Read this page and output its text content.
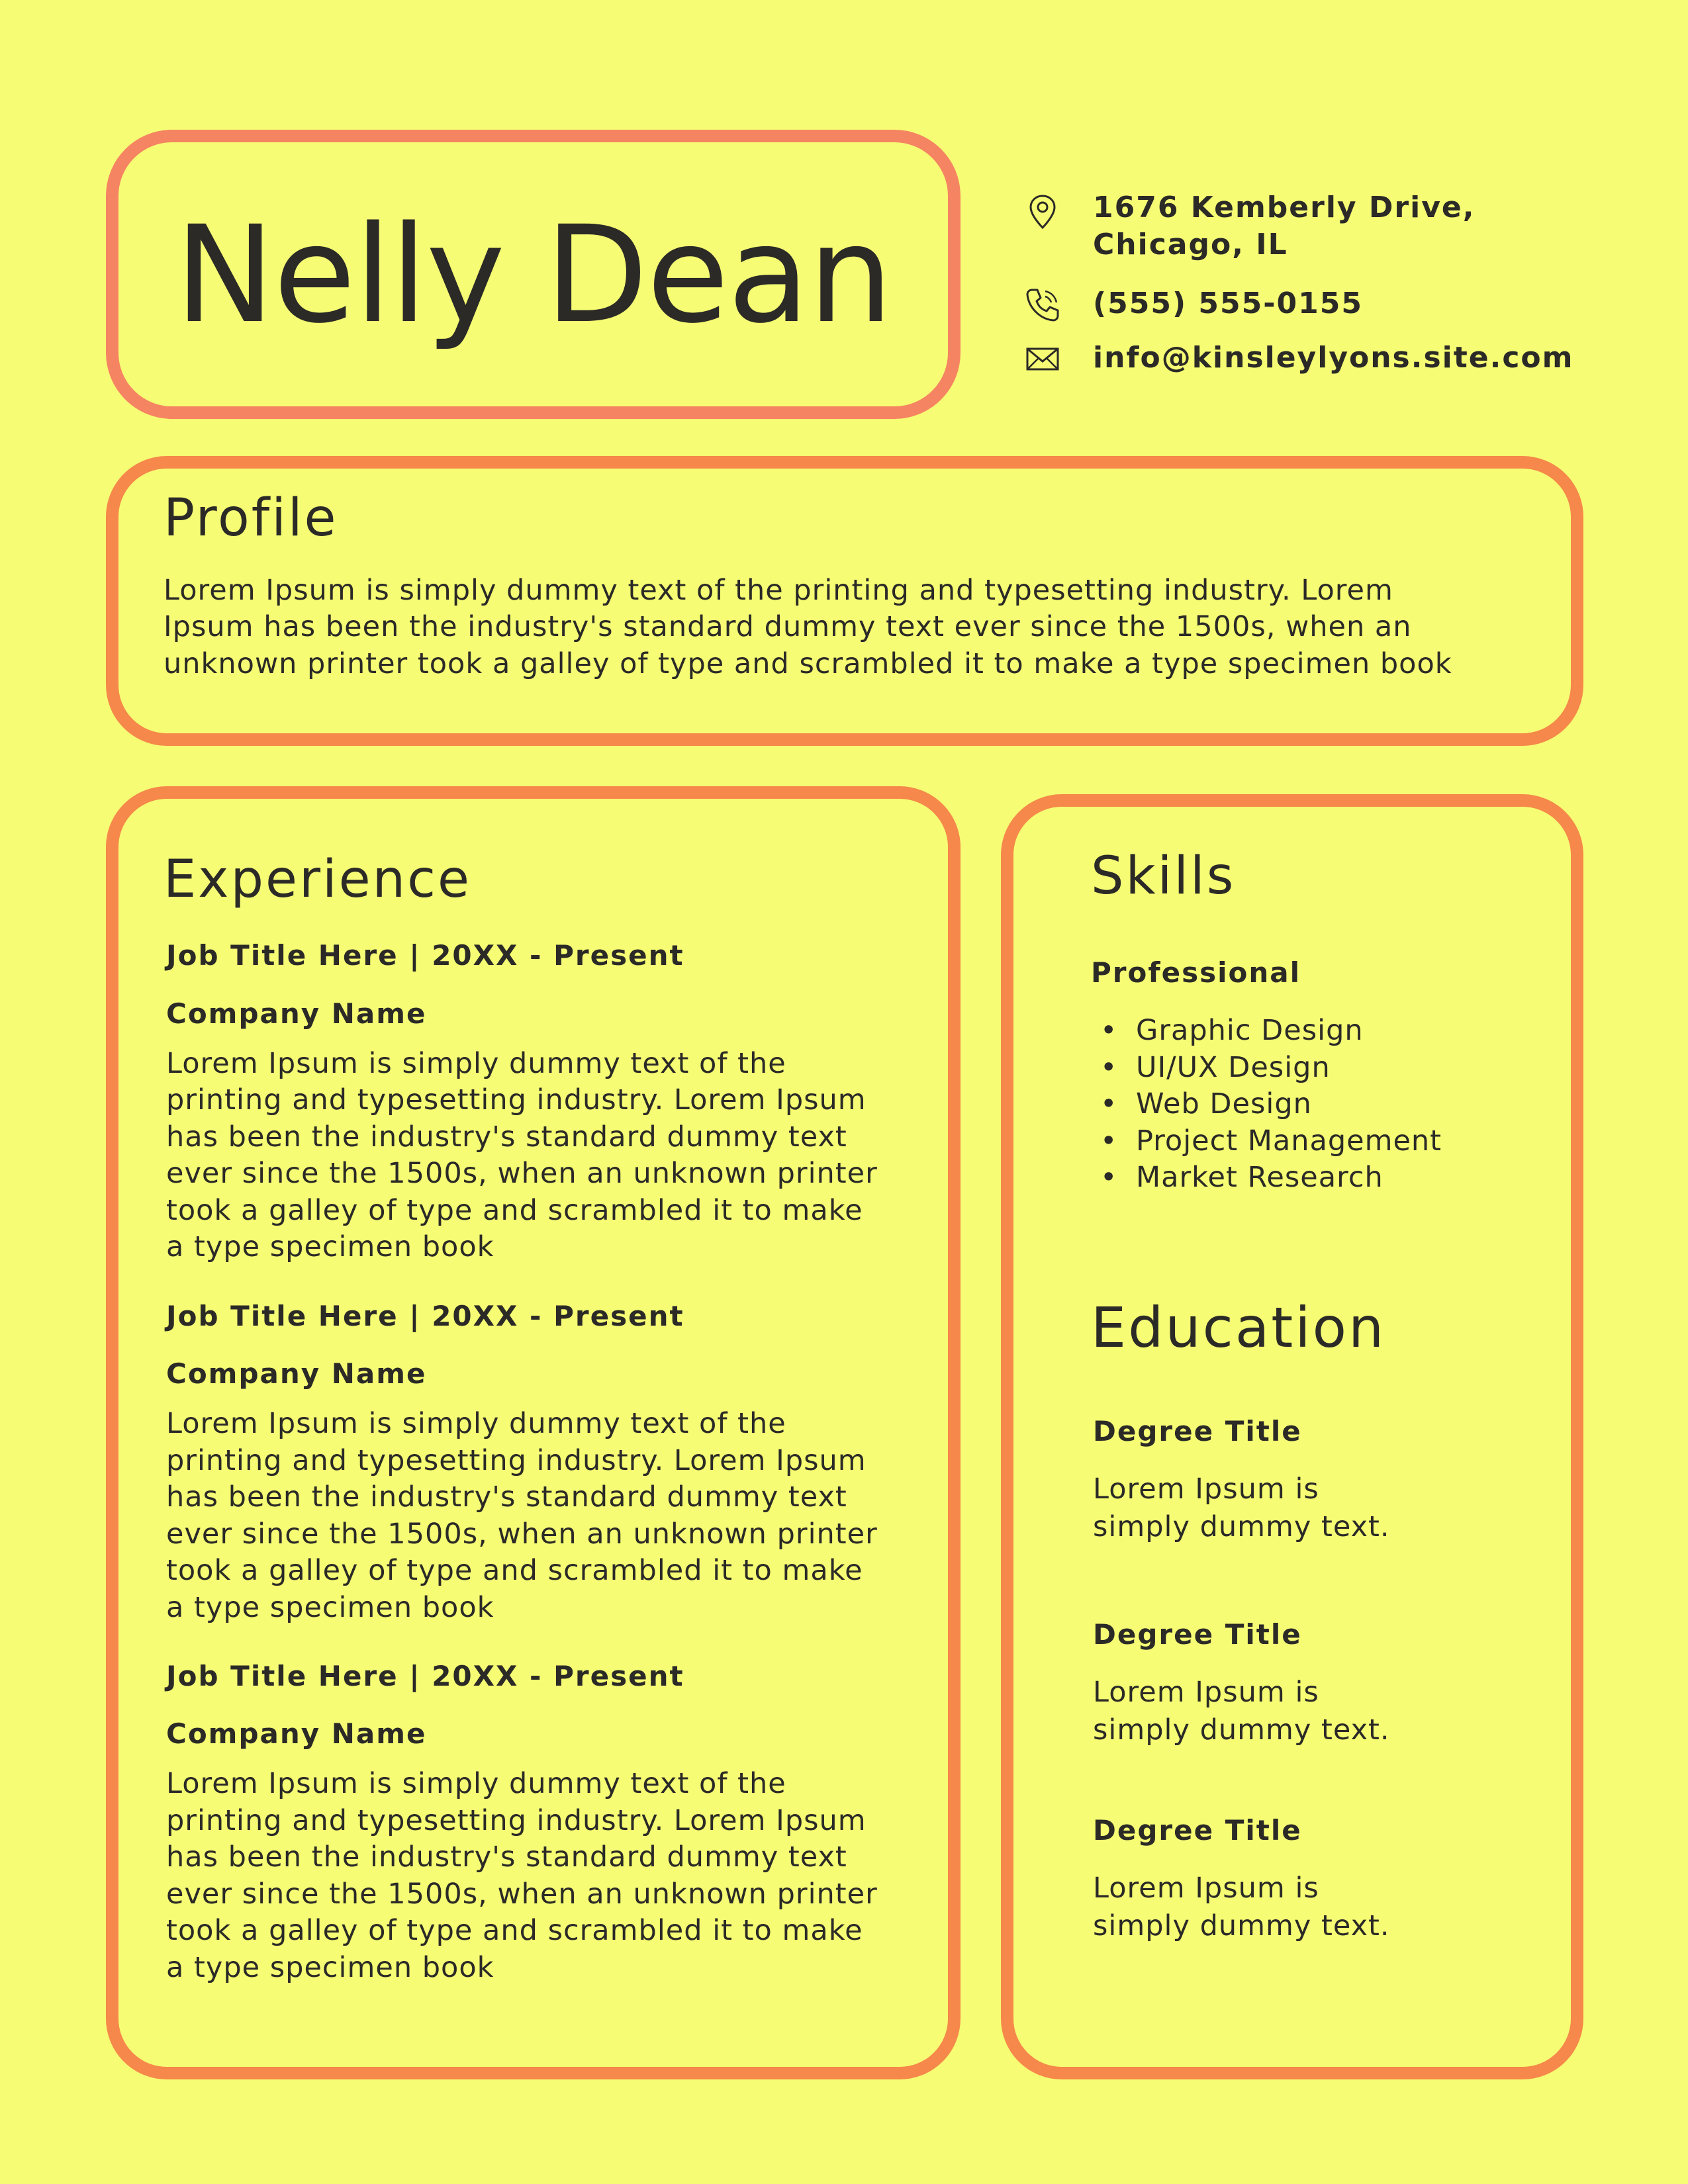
Nelly Dean	1676 Kemberly Drive,
Chicago, IL
(555) 555-0155
info@kinsleylyons.site.com
Profile
Lorem Ipsum is simply dummy text of the printing and typesetting industry. Lorem
Ipsum has been the industry's standard dummy text ever since the 1500s, when an
unknown printer took a galley of type and scrambled it to make a type specimen book
Experience
Job Title Here | 20XX - Present
Company Name
Lorem Ipsum is simply dummy text of the
printing and typesetting industry. Lorem Ipsum
has been the industry's standard dummy text
ever since the 1500s, when an unknown printer
took a galley of type and scrambled it to make
a type specimen book
Job Title Here | 20XX - Present
Company Name
Lorem Ipsum is simply dummy text of the
printing and typesetting industry. Lorem Ipsum
has been the industry's standard dummy text
ever since the 1500s, when an unknown printer
took a galley of type and scrambled it to make
a type specimen book
Job Title Here | 20XX - Present
Company Name
Lorem Ipsum is simply dummy text of the
printing and typesetting industry. Lorem Ipsum
has been the industry's standard dummy text
ever since the 1500s, when an unknown printer
took a galley of type and scrambled it to make
a type specimen book
Skills
Professional
• Graphic Design
• UI/UX Design
• Web Design
• Project Management
• Market Research
Education
Degree Title
Lorem Ipsum is
simply dummy text.
Degree Title
Lorem Ipsum is
simply dummy text.
Degree Title
Lorem Ipsum is
simply dummy text.
